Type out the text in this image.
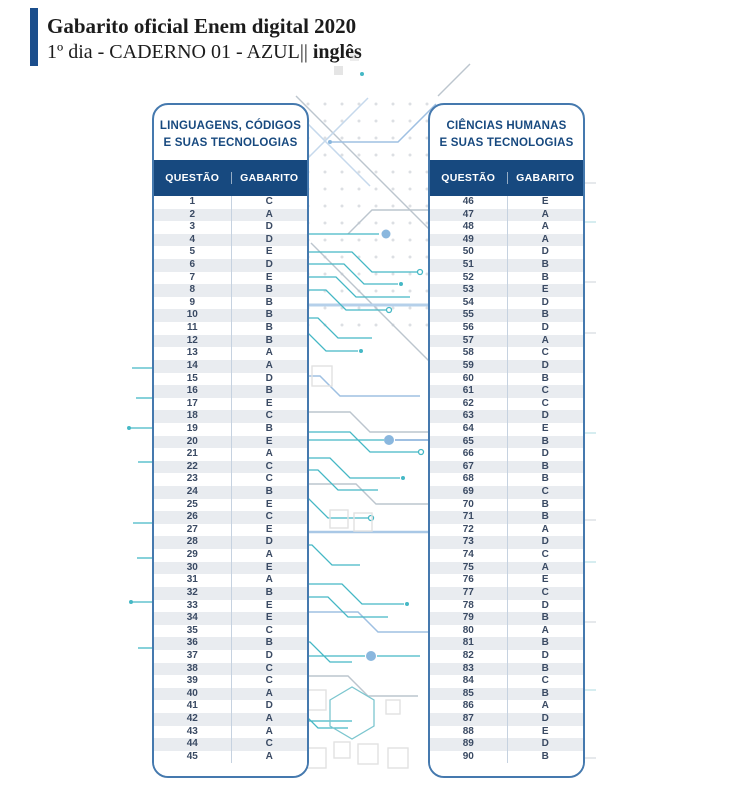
Gabarito oficial Enem digital 2020
1º dia - CADERNO 01 - AZUL|| inglês
LINGUAGENS, CÓDIGOS
E SUAS TECNOLOGIAS
QUESTÃO	GABARITO
1	C
2	A
3	D
4	D
5	E
6	D
7	E
8	B
9	B
10	B
11	B
12	B
13	A
14	A
15	D
16	B
17	E
18	C
19	B
20	E
21	A
22	C
23	C
24	B
25	E
26	C
27	E
28	D
29	A
30	E
31	A
32	B
33	E
34	E
35	C
36	B
37	D
38	C
39	C
40	A
41	D
42	A
43	A
44	C
45	A
CIÊNCIAS HUMANAS
E SUAS TECNOLOGIAS
QUESTÃO	GABARITO
46	E
47	A
48	A
49	A
50	D
51	B
52	B
53	E
54	D
55	B
56	D
57	A
58	C
59	D
60	B
61	C
62	C
63	D
64	E
65	B
66	D
67	B
68	B
69	C
70	B
71	B
72	A
73	D
74	C
75	A
76	E
77	C
78	D
79	B
80	A
81	B
82	D
83	B
84	C
85	B
86	A
87	D
88	E
89	D
90	B
